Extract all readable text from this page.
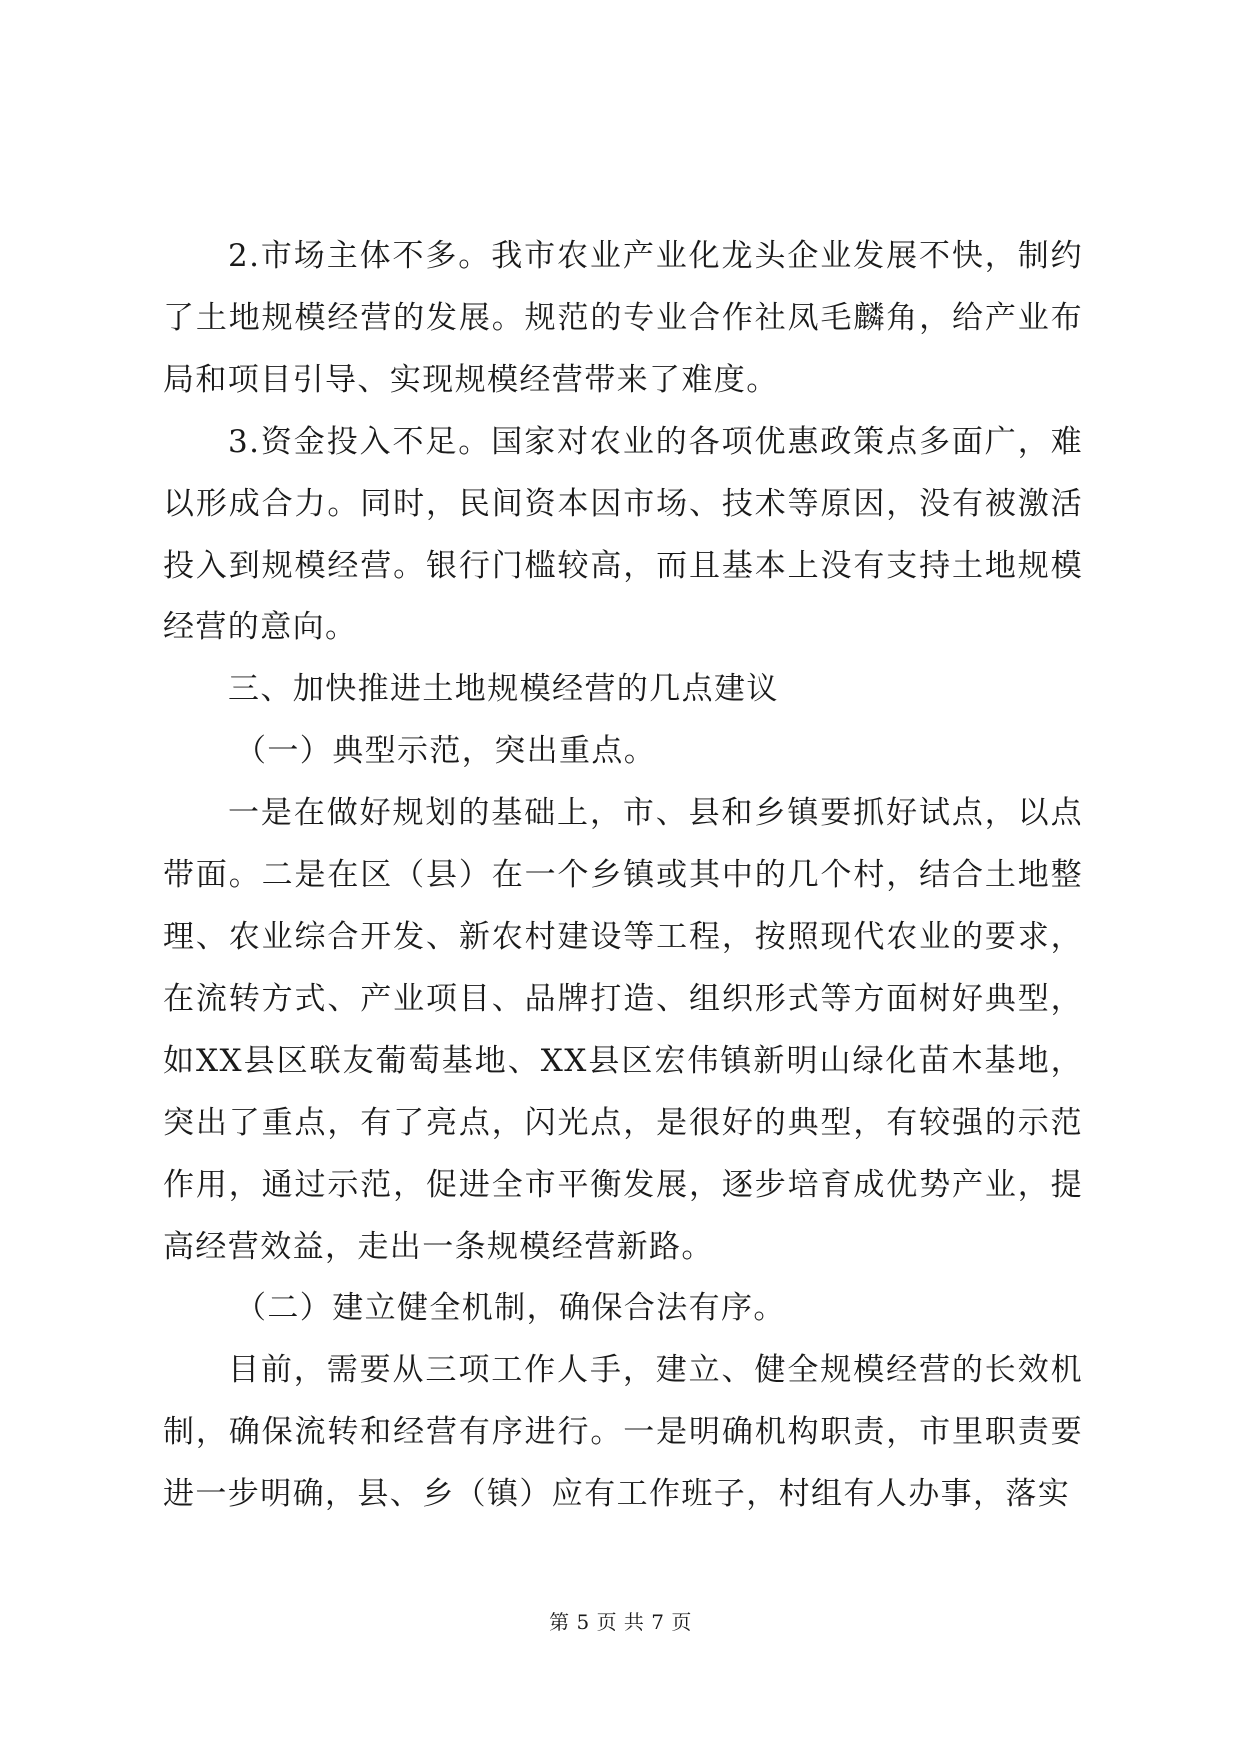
2.市场主体不多。我市农业产业化龙头企业发展不快，制约了土地规模经营的发展。规范的专业合作社凤毛麟角，给产业布局和项目引导、实现规模经营带来了难度。

3.资金投入不足。国家对农业的各项优惠政策点多面广，难以形成合力。同时，民间资本因市场、技术等原因，没有被激活投入到规模经营。银行门槛较高，而且基本上没有支持土地规模经营的意向。

三、加快推进土地规模经营的几点建议

（一）典型示范，突出重点。

一是在做好规划的基础上，市、县和乡镇要抓好试点，以点带面。二是在区（县）在一个乡镇或其中的几个村，结合土地整理、农业综合开发、新农村建设等工程，按照现代农业的要求，在流转方式、产业项目、品牌打造、组织形式等方面树好典型，如XX县区联友葡萄基地、XX县区宏伟镇新明山绿化苗木基地，突出了重点，有了亮点，闪光点，是很好的典型，有较强的示范作用，通过示范，促进全市平衡发展，逐步培育成优势产业，提高经营效益，走出一条规模经营新路。

（二）建立健全机制，确保合法有序。

目前，需要从三项工作人手，建立、健全规模经营的长效机制，确保流转和经营有序进行。一是明确机构职责，市里职责要进一步明确，县、乡（镇）应有工作班子，村组有人办事，落实

第 5 页 共 7 页
